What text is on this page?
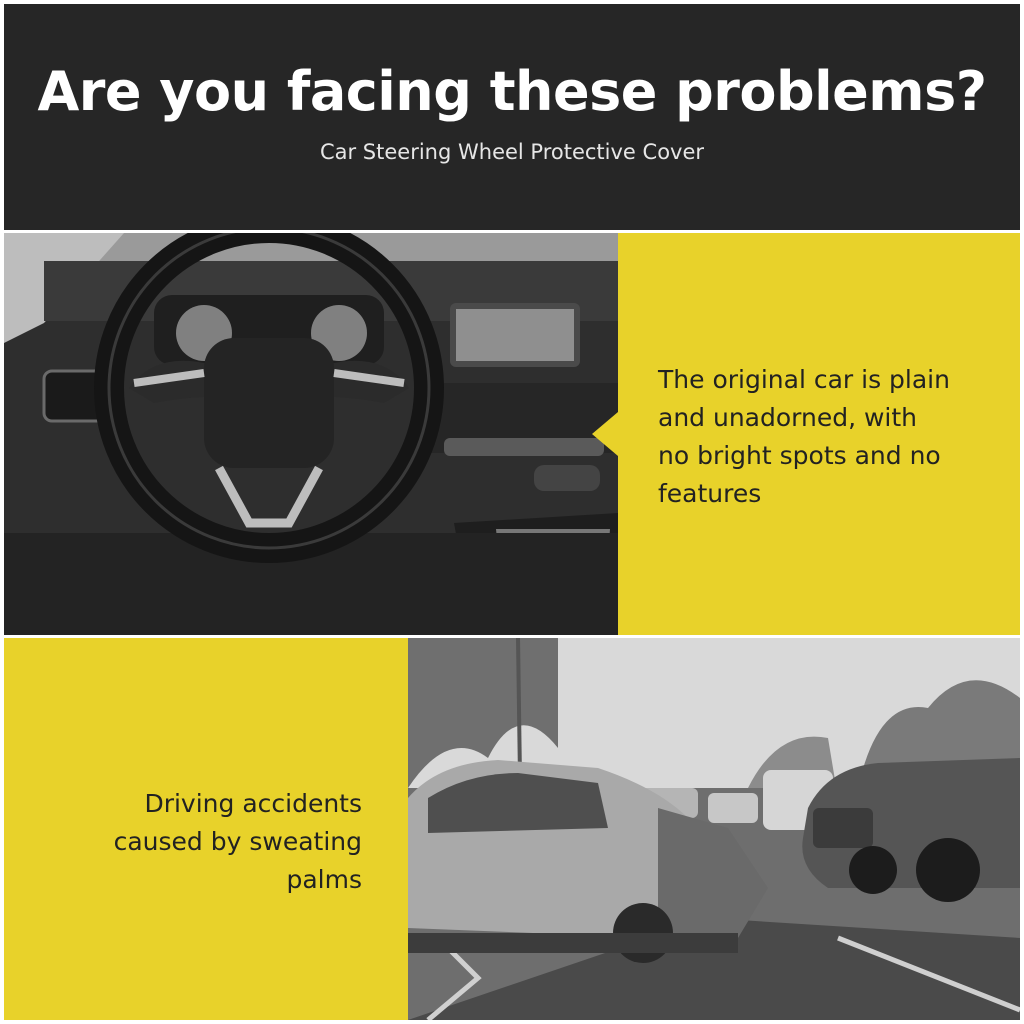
Are you facing these problems?
Car Steering Wheel Protective Cover
The original car is plain
and unadorned, with
no bright spots and no
features
Driving accidents
caused by sweating
palms
